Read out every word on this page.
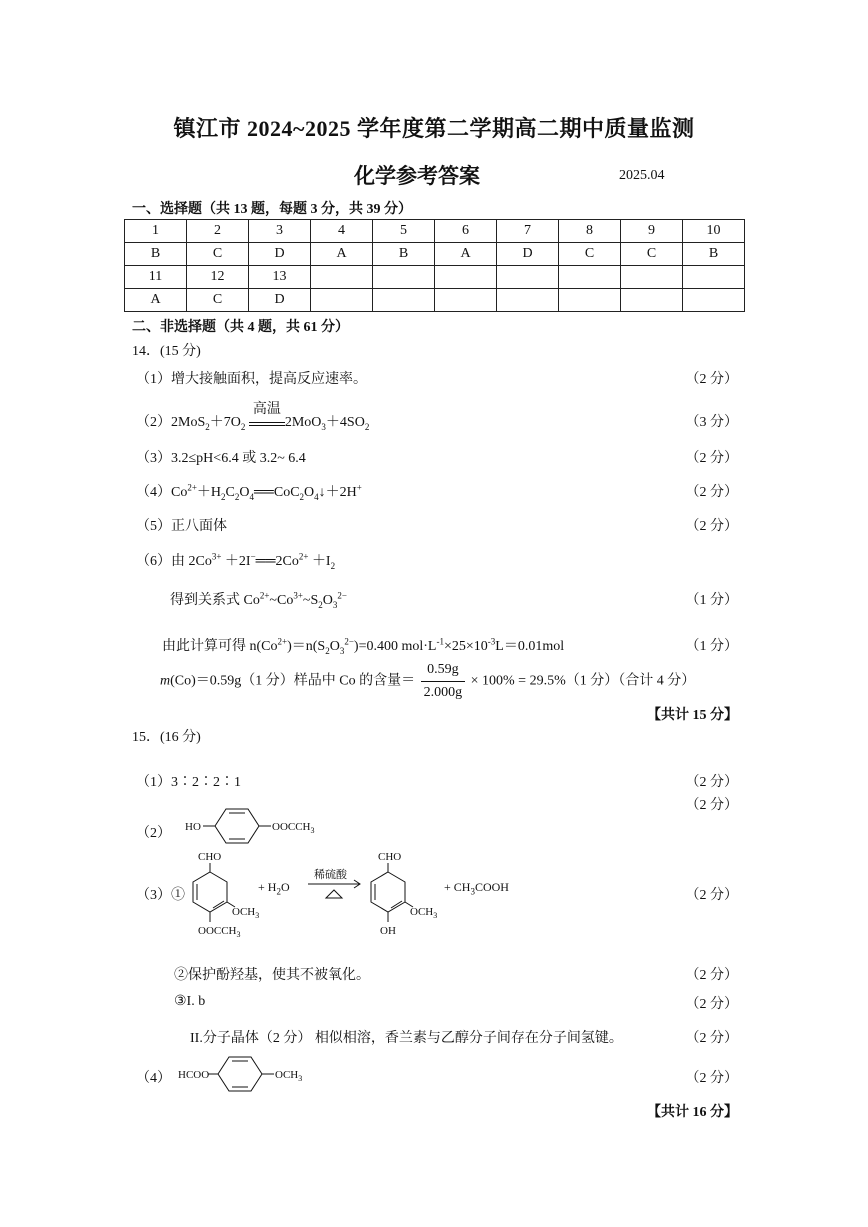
镇江市 2024~2025 学年度第二学期高二期中质量监测
化学参考答案	2025.04
一、选择题（共 13 题，每题 3 分，共 39 分）
1	2	3	4	5	6	7	8	9	10
B	C	D	A	B	A	D	C	C	B
11	12	13							
A	C	D							
二、非选择题（共 4 题，共 61 分）
14．(15 分)
（1）增大接触面积，提高反应速率。	（2 分）
$(2)2MoS_2+7O_2$
高温
$2MoO_3+4SO_2$	（3 分）
（3）3.2≤pH<6.4 或 3.2~ 6.4	（2 分）
$(4)Co^{2+}+H_2C_2O_4══CoC_2O_4↓+2H^+$	（2 分）
（5）正八面体	（2 分）
（6）由 $2Co^{3+}$ $+2I^-══2Co^{2+} +I_2$
得到关系式 $Co^{2+}\sim Co^{3+}\sim S_2O_3^{2-}$	（1 分）
由此计算可得 $n(Co^{2+})=n(S_2O_3^{2-})=0.400$ $mol\cdot L^{-1}\times 25\times 10^{-3}L=0.01mol$	（1 分）
m(Co)＝0.59g（1 分）样品中 Co 的含量＝ $\frac{0.59g}{2.000g} \times 100\% = 29.5\%(1$ 分）（合计 4 分）
【共计 15 分】
15．(16 分)
（1）3∶2∶2∶1	（2 分）
（2 分）
（2） HO	$OOCCH_3$
（3）①
CHO
$OCH_3$
$OOCCH_3$
+ $H_2O$
稀硫酸
CHO
$OCH_3$
OH
+ $CH_3COOH$
（2 分）
②保护酚羟基，使其不被氧化。	（2 分）
③I. b	（2 分）
II.分子晶体（2 分） 相似相溶，香兰素与乙醇分子间存在分子间氢键。	（2 分）
（4） HCOO	$OCH_3$	（2 分）
【共计 16 分】
